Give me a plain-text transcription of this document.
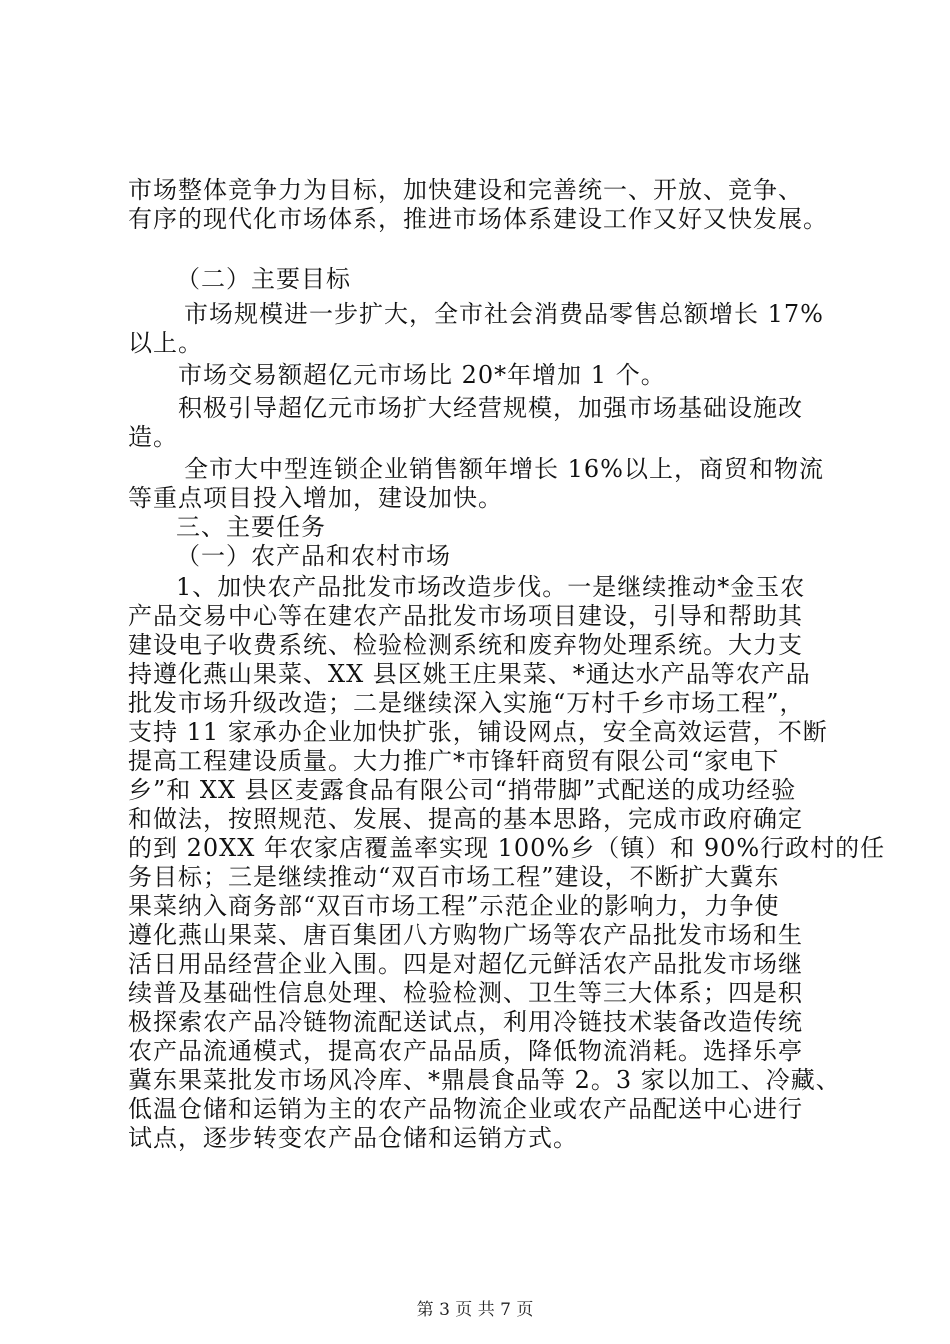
市场整体竞争力为目标，加快建设和完善统一、开放、竞争、
有序的现代化市场体系，推进市场体系建设工作又好又快发展。
（二）主要目标
市场规模进一步扩大，全市社会消费品零售总额增长 17%
以上。
市场交易额超亿元市场比 20*年增加 1 个。
积极引导超亿元市场扩大经营规模，加强市场基础设施改
造。
全市大中型连锁企业销售额年增长 16%以上，商贸和物流
等重点项目投入增加，建设加快。
三、主要任务
（一）农产品和农村市场
1、加快农产品批发市场改造步伐。一是继续推动*金玉农
产品交易中心等在建农产品批发市场项目建设，引导和帮助其
建设电子收费系统、检验检测系统和废弃物处理系统。大力支
持遵化燕山果菜、XX 县区姚王庄果菜、*通达水产品等农产品
批发市场升级改造；二是继续深入实施“万村千乡市场工程”，
支持 11 家承办企业加快扩张，铺设网点，安全高效运营，不断
提高工程建设质量。大力推广*市锋轩商贸有限公司“家电下
乡”和 XX 县区麦露食品有限公司“捎带脚”式配送的成功经验
和做法，按照规范、发展、提高的基本思路，完成市政府确定
的到 20XX 年农家店覆盖率实现 100%乡（镇）和 90%行政村的任
务目标；三是继续推动“双百市场工程”建设，不断扩大冀东
果菜纳入商务部“双百市场工程”示范企业的影响力，力争使
遵化燕山果菜、唐百集团八方购物广场等农产品批发市场和生
活日用品经营企业入围。四是对超亿元鲜活农产品批发市场继
续普及基础性信息处理、检验检测、卫生等三大体系；四是积
极探索农产品冷链物流配送试点，利用冷链技术装备改造传统
农产品流通模式，提高农产品品质，降低物流消耗。选择乐亭
冀东果菜批发市场风冷库、*鼎晨食品等 2。3 家以加工、冷藏、
低温仓储和运销为主的农产品物流企业或农产品配送中心进行
试点，逐步转变农产品仓储和运销方式。
第 3 页 共 7 页
